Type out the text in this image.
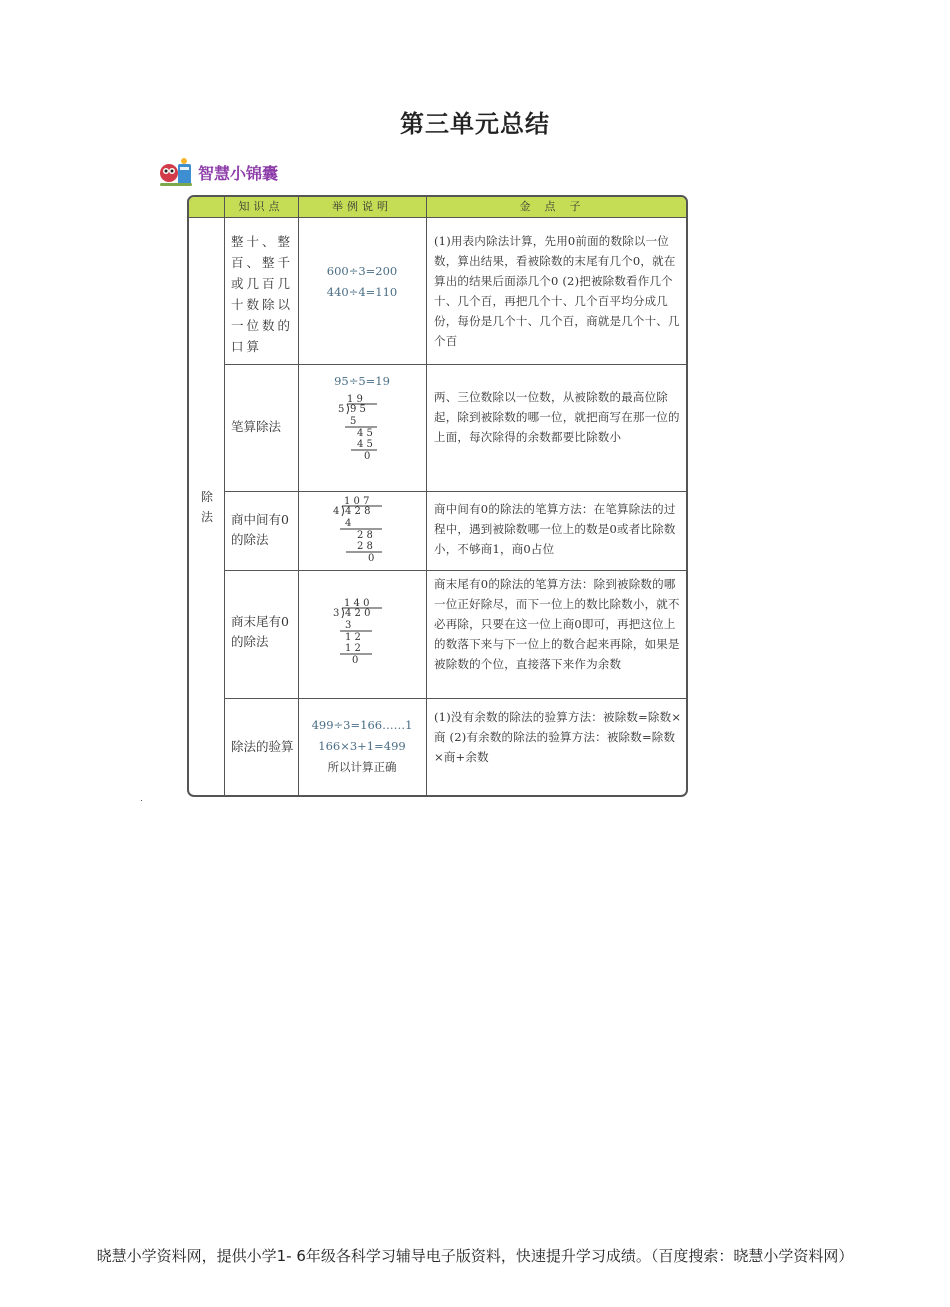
第三单元总结
智慧小锦囊
知识点	举例说明	金点子
除法
整十、整百、整千或几百几十数除以一位数的口算
600÷3=200
440÷4=110
(1)用表内除法计算，先用0前面的数除以一位数，算出结果，看被除数的末尾有几个0，就在算出的结果后面添几个0 (2)把被除数看作几个十、几个百，再把几个十、几个百平均分成几份，每份是几个十、几个百，商就是几个十、几个百
笔算除法
95÷5=19
1 9
5 9 5
5
4 5
4 5
0
两、三位数除以一位数，从被除数的最高位除起，除到被除数的哪一位，就把商写在那一位的上面，每次除得的余数都要比除数小
商中间有0的除法
1 0 7
4 4 2 8
4
2 8
2 8
0
商中间有0的除法的笔算方法：在笔算除法的过程中，遇到被除数哪一位上的数是0或者比除数小，不够商1，商0占位
商末尾有0的除法
1 4 0
3 4 2 0
3
1 2
1 2
0
商末尾有0的除法的笔算方法：除到被除数的哪一位正好除尽，而下一位上的数比除数小，就不必再除，只要在这一位上商0即可，再把这位上的数落下来与下一位上的数合起来再除，如果是被除数的个位，直接落下来作为余数
除法的验算
499÷3=166……1
166×3+1=499
所以计算正确
(1)没有余数的除法的验算方法：被除数=除数×商 (2)有余数的除法的验算方法：被除数=除数×商+余数
晓慧小学资料网，提供小学1- 6年级各科学习辅导电子版资料，快速提升学习成绩。（百度搜索：晓慧小学资料网）
